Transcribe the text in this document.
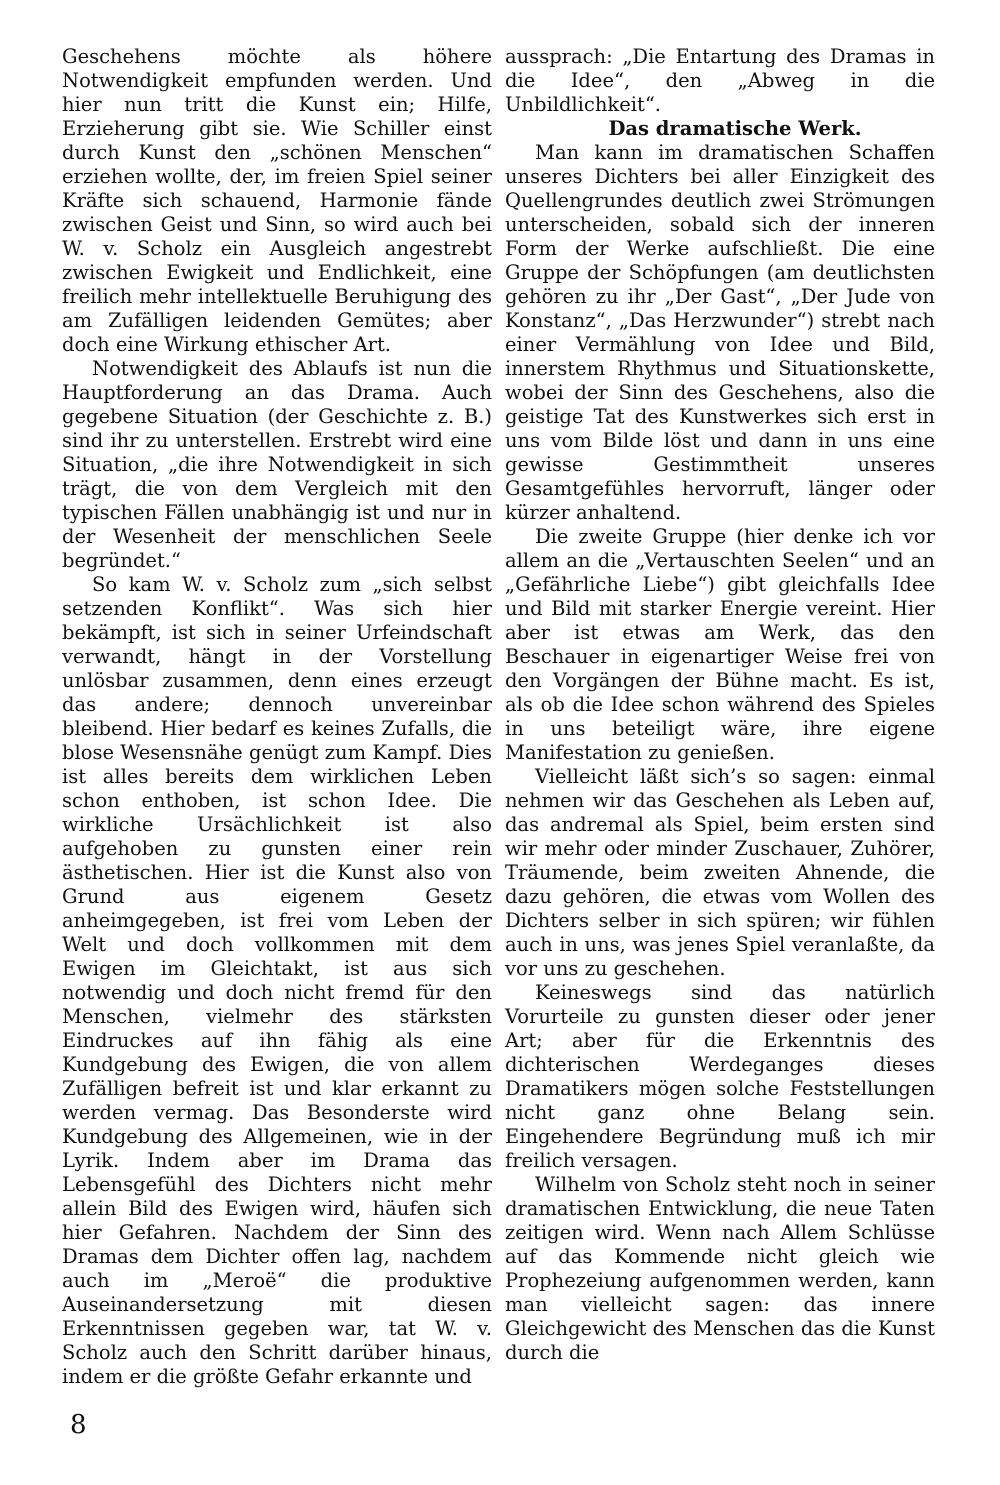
Geschehens möchte als höhere Notwendigkeit empfunden werden. Und hier nun tritt die Kunst ein; Hilfe, Erzieherung gibt sie. Wie Schiller einst durch Kunst den „schönen Menschen“ erziehen wollte, der, im freien Spiel seiner Kräfte sich schauend, Harmonie fände zwischen Geist und Sinn, so wird auch bei W. v. Scholz ein Ausgleich angestrebt zwischen Ewigkeit und Endlichkeit, eine freilich mehr intellektuelle Beruhigung des am Zufälligen leidenden Gemütes; aber doch eine Wirkung ethischer Art.

Notwendigkeit des Ablaufs ist nun die Hauptforderung an das Drama. Auch gegebene Situation (der Geschichte z. B.) sind ihr zu unterstellen. Erstrebt wird eine Situation, „die ihre Notwendigkeit in sich trägt, die von dem Vergleich mit den typischen Fällen unabhängig ist und nur in der Wesenheit der menschlichen Seele begründet.“

So kam W. v. Scholz zum „sich selbst setzenden Konflikt“. Was sich hier bekämpft, ist sich in seiner Urfeindschaft verwandt, hängt in der Vorstellung unlösbar zusammen, denn eines erzeugt das andere; dennoch unvereinbar bleibend. Hier bedarf es keines Zufalls, die blose Wesensnähe genügt zum Kampf. Dies ist alles bereits dem wirklichen Leben schon enthoben, ist schon Idee. Die wirkliche Ursächlichkeit ist also aufgehoben zu gunsten einer rein ästhetischen. Hier ist die Kunst also von Grund aus eigenem Gesetz anheimgegeben, ist frei vom Leben der Welt und doch vollkommen mit dem Ewigen im Gleichtakt, ist aus sich notwendig und doch nicht fremd für den Menschen, vielmehr des stärksten Eindruckes auf ihn fähig als eine Kundgebung des Ewigen, die von allem Zufälligen befreit ist und klar erkannt zu werden vermag. Das Besonderste wird Kundgebung des Allgemeinen, wie in der Lyrik. Indem aber im Drama das Lebensgefühl des Dichters nicht mehr allein Bild des Ewigen wird, häufen sich hier Gefahren. Nachdem der Sinn des Dramas dem Dichter offen lag, nachdem auch im „Meroë“ die produktive Auseinandersetzung mit diesen Erkenntnissen gegeben war, tat W. v. Scholz auch den Schritt darüber hinaus, indem er die größte Gefahr erkannte und

aussprach: „Die Entartung des Dramas in die Idee“, den „Abweg in die Unbildlichkeit“.

Das dramatische Werk.

Man kann im dramatischen Schaffen unseres Dichters bei aller Einzigkeit des Quellengrundes deutlich zwei Strömungen unterscheiden, sobald sich der inneren Form der Werke aufschließt. Die eine Gruppe der Schöpfungen (am deutlichsten gehören zu ihr „Der Gast“, „Der Jude von Konstanz“, „Das Herzwunder“) strebt nach einer Vermählung von Idee und Bild, innerstem Rhythmus und Situationskette, wobei der Sinn des Geschehens, also die geistige Tat des Kunstwerkes sich erst in uns vom Bilde löst und dann in uns eine gewisse Gestimmtheit unseres Gesamtgefühles hervorruft, länger oder kürzer anhaltend.

Die zweite Gruppe (hier denke ich vor allem an die „Vertauschten Seelen“ und an „Gefährliche Liebe“) gibt gleichfalls Idee und Bild mit starker Energie vereint. Hier aber ist etwas am Werk, das den Beschauer in eigenartiger Weise frei von den Vorgängen der Bühne macht. Es ist, als ob die Idee schon während des Spieles in uns beteiligt wäre, ihre eigene Manifestation zu genießen.

Vielleicht läßt sich’s so sagen: einmal nehmen wir das Geschehen als Leben auf, das andremal als Spiel, beim ersten sind wir mehr oder minder Zuschauer, Zuhörer, Träumende, beim zweiten Ahnende, die dazu gehören, die etwas vom Wollen des Dichters selber in sich spüren; wir fühlen auch in uns, was jenes Spiel veranlaßte, da vor uns zu geschehen.

Keineswegs sind das natürlich Vorurteile zu gunsten dieser oder jener Art; aber für die Erkenntnis des dichterischen Werdeganges dieses Dramatikers mögen solche Feststellungen nicht ganz ohne Belang sein. Eingehendere Begründung muß ich mir freilich versagen.

Wilhelm von Scholz steht noch in seiner dramatischen Entwicklung, die neue Taten zeitigen wird. Wenn nach Allem Schlüsse auf das Kommende nicht gleich wie Prophezeiung aufgenommen werden, kann man vielleicht sagen: das innere Gleichgewicht des Menschen das die Kunst durch die

8
